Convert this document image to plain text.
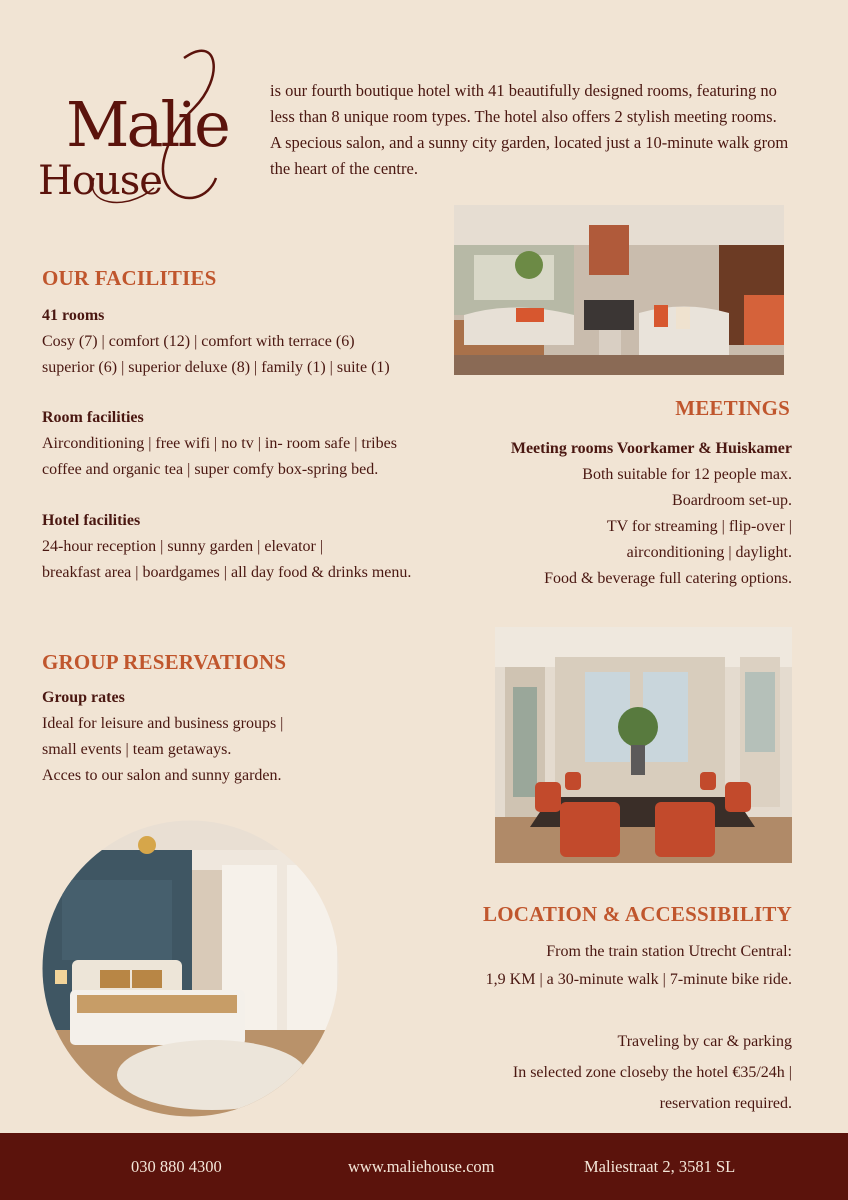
Malie
House
is our fourth boutique hotel with 41 beautifully designed rooms, featuring no less than 8 unique room types. The hotel also offers 2 stylish meeting rooms. A specious salon, and a sunny city garden, located just a 10-minute walk grom the heart of the centre.
OUR FACILITIES
41 rooms
Cosy (7) | comfort (12) | comfort with terrace (6)
superior (6) | superior deluxe (8) | family (1) | suite (1)
Room facilities
Airconditioning | free wifi | no tv | in- room safe | tribes
coffee and organic tea | super comfy box-spring bed.
Hotel facilities
24-hour reception | sunny garden | elevator |
breakfast area | boardgames | all day food & drinks menu.
MEETINGS
Meeting rooms Voorkamer & Huiskamer
Both suitable for 12 people max.
Boardroom set-up.
TV for streaming | flip-over |
airconditioning | daylight.
Food & beverage full catering options.
GROUP RESERVATIONS
Group rates
Ideal for leisure and business groups |
small events | team getaways.
Acces to our salon and sunny garden.
LOCATION & ACCESSIBILITY
From the train station Utrecht Central:
1,9 KM | a 30-minute walk | 7-minute bike ride.
Traveling by car & parking
In selected zone closeby the hotel €35/24h |
reservation required.
030 880 4300	www.maliehouse.com	Maliestraat 2, 3581 SL
